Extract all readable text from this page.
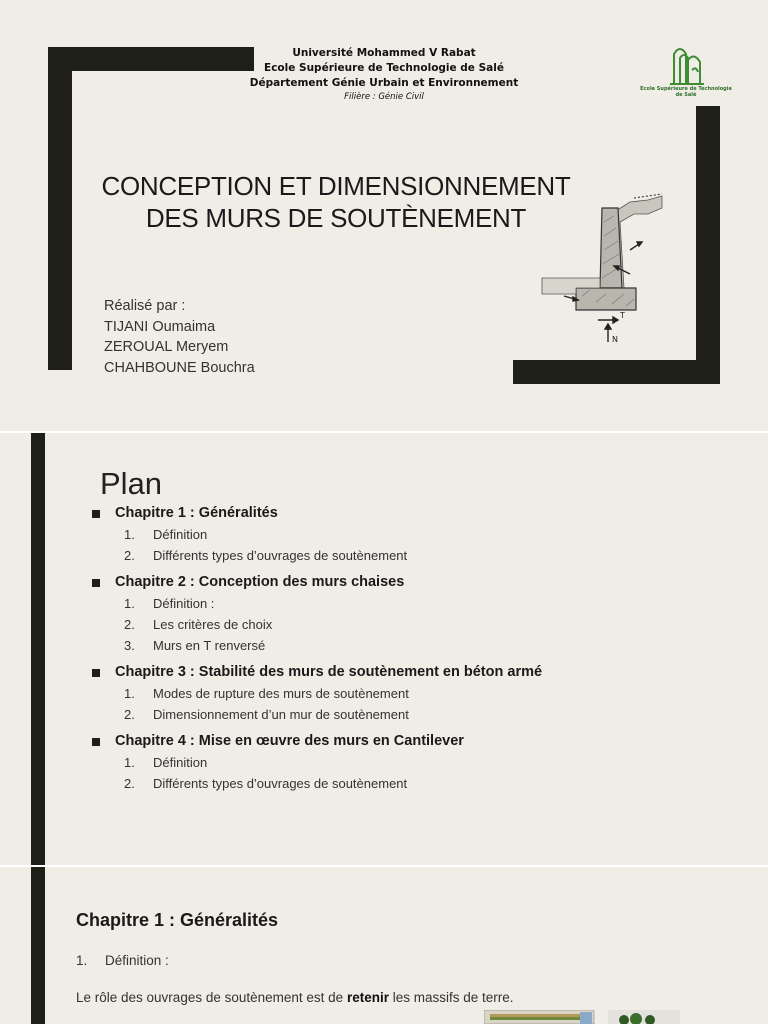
Université Mohammed V Rabat
Ecole Supérieure de Technologie de Salé
Département Génie Urbain et Environnement
Filière : Génie Civil
Ecole Supérieure de Technologie de Salé
CONCEPTION ET DIMENSIONNEMENT
DES MURS DE SOUTÈNEMENT
Réalisé par :
TIJANI Oumaima
ZEROUAL Meryem
CHAHBOUNE Bouchra
T
N
Plan
Chapitre 1 : Généralités
1. Définition
2. Différents types d’ouvrages de soutènement
Chapitre 2 : Conception des murs chaises
1. Définition :
2. Les critères de choix
3. Murs en T renversé
Chapitre 3 : Stabilité des murs de soutènement en béton armé
1. Modes de rupture des murs de soutènement
2. Dimensionnement d’un mur de soutènement
Chapitre 4 : Mise en œuvre des murs en Cantilever
1. Définition
2. Différents types d’ouvrages de soutènement
Chapitre 1 : Généralités
1. Définition :
Le rôle des ouvrages de soutènement est de retenir les massifs de terre.
